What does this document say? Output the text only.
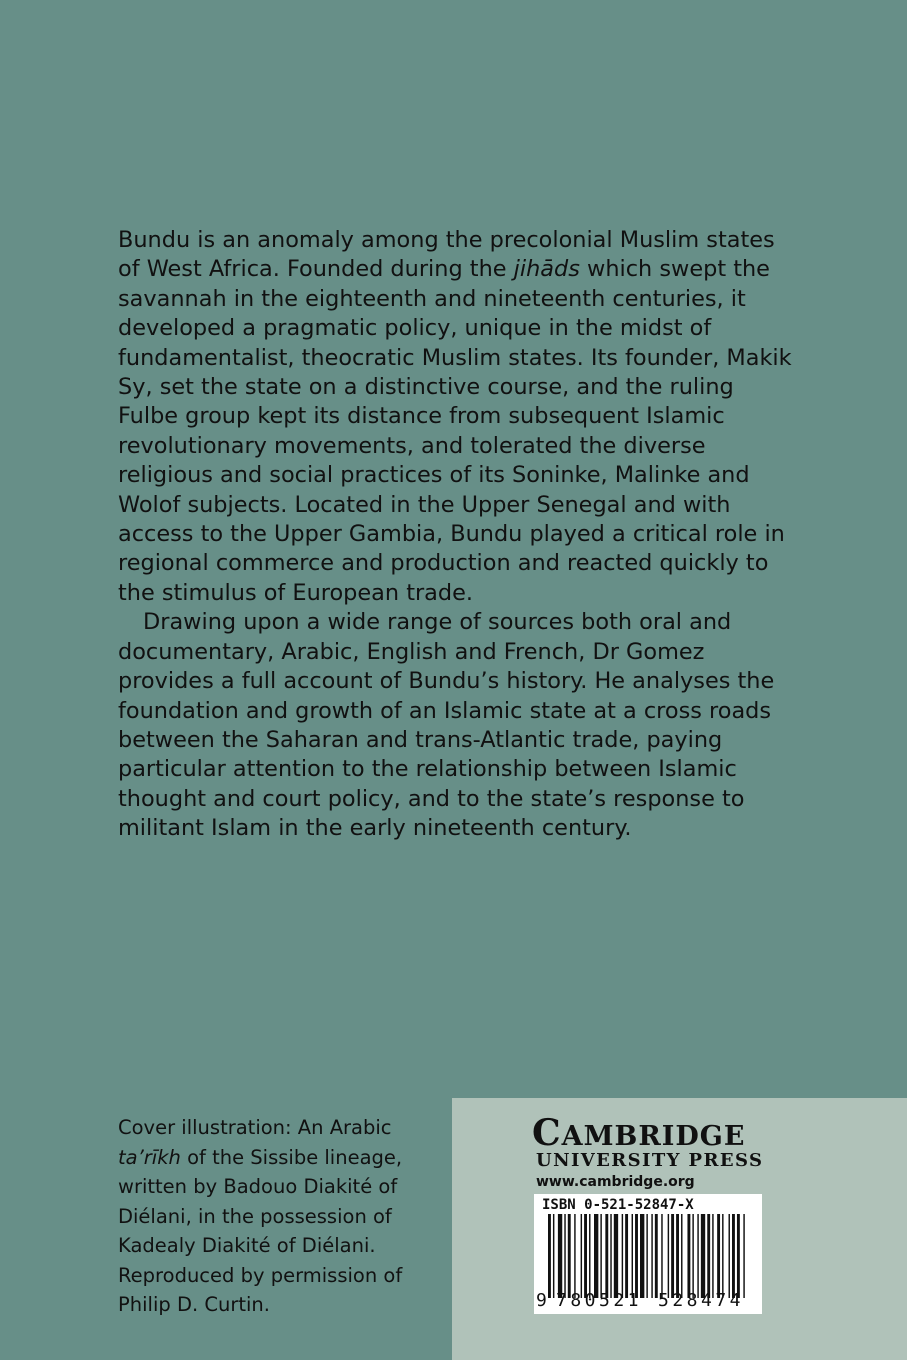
Bundu is an anomaly among the precolonial Muslim states of West Africa. Founded during the jihāds which swept the savannah in the eighteenth and nineteenth centuries, it developed a pragmatic policy, unique in the midst of fundamentalist, theocratic Muslim states. Its founder, Makik Sy, set the state on a distinctive course, and the ruling Fulbe group kept its distance from subsequent Islamic revolutionary movements, and tolerated the diverse religious and social practices of its Soninke, Malinke and Wolof subjects. Located in the Upper Senegal and with access to the Upper Gambia, Bundu played a critical role in regional commerce and production and reacted quickly to the stimulus of European trade.

Drawing upon a wide range of sources both oral and documentary, Arabic, English and French, Dr Gomez provides a full account of Bundu’s history. He analyses the foundation and growth of an Islamic state at a cross roads between the Saharan and trans-Atlantic trade, paying particular attention to the relationship between Islamic thought and court policy, and to the state’s response to militant Islam in the early nineteenth century.

Cover illustration: An Arabic
ta’rīkh of the Sissibe lineage,
written by Badouo Diakité of
Diélani, in the possession of
Kadealy Diakité of Diélani.
Reproduced by permission of
Philip D. Curtin.
CAMBRIDGE
UNIVERSITY PRESS
www.cambridge.org
ISBN 0-521-52847-X
9 780521 528474
